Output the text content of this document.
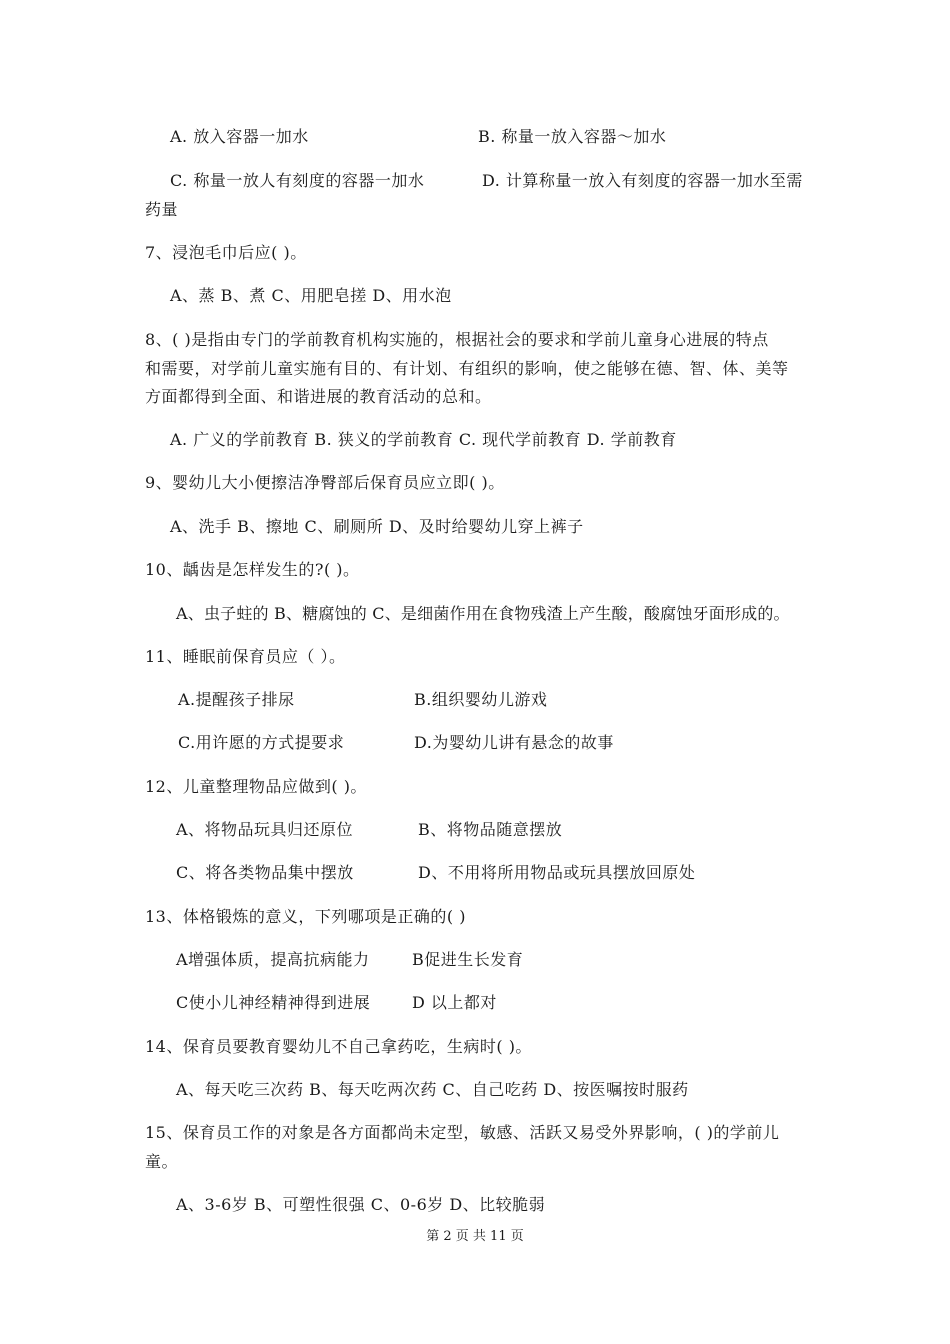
A. 放入容器一加水	B. 称量一放入容器～加水
C. 称量一放人有刻度的容器一加水	D. 计算称量一放入有刻度的容器一加水至需
药量
7、浸泡毛巾后应( )。
A、蒸 B、煮 C、用肥皂搓 D、用水泡
8、( )是指由专门的学前教育机构实施的，根据社会的要求和学前儿童身心进展的特点
和需要，对学前儿童实施有目的、有计划、有组织的影响，使之能够在德、智、体、美等
方面都得到全面、和谐进展的教育活动的总和。
A. 广义的学前教育 B. 狭义的学前教育 C. 现代学前教育 D. 学前教育
9、婴幼儿大小便擦洁净臀部后保育员应立即( )。
A、洗手 B、擦地 C、刷厕所 D、及时给婴幼儿穿上裤子
10、龋齿是怎样发生的?( )。
A、虫子蛀的 B、糖腐蚀的 C、是细菌作用在食物残渣上产生酸，酸腐蚀牙面形成的。
11、睡眠前保育员应（ ）。
A.提醒孩子排尿	B.组织婴幼儿游戏
C.用许愿的方式提要求	D.为婴幼儿讲有悬念的故事
12、儿童整理物品应做到( )。
A、将物品玩具归还原位	B、将物品随意摆放
C、将各类物品集中摆放	D、不用将所用物品或玩具摆放回原处
13、体格锻炼的意义，下列哪项是正确的( )
A增强体质，提高抗病能力	B促进生长发育
C使小儿神经精神得到进展	D 以上都对
14、保育员要教育婴幼儿不自己拿药吃，生病时( )。
A、每天吃三次药 B、每天吃两次药 C、自己吃药 D、按医嘱按时服药
15、保育员工作的对象是各方面都尚未定型，敏感、活跃又易受外界影响，( )的学前儿
童。
A、3-6岁 B、可塑性很强 C、0-6岁 D、比较脆弱
第 2 页 共 11 页
